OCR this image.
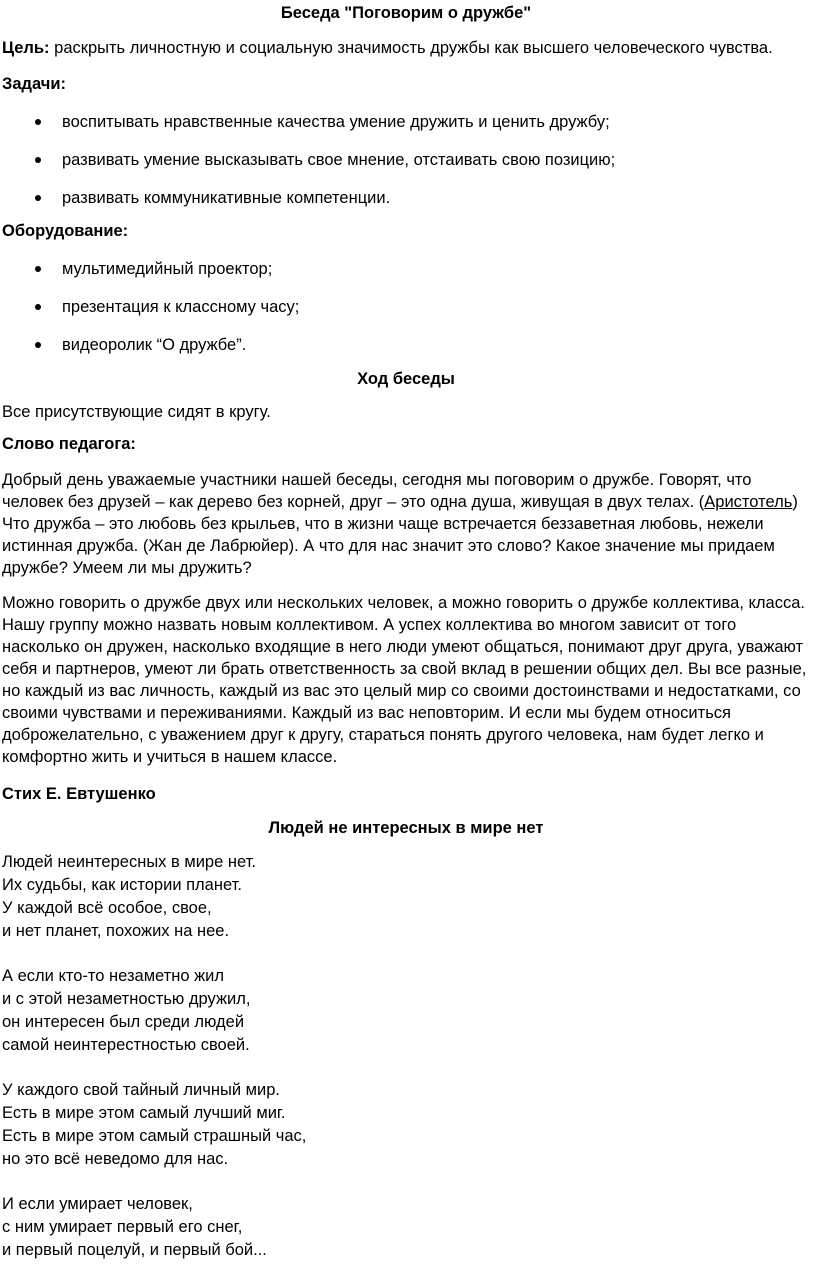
Беседа "Поговорим о дружбе"

Цель: раскрыть личностную и социальную значимость дружбы как высшего человеческого чувства.

Задачи:

воспитывать нравственные качества умение дружить и ценить дружбу;
развивать умение высказывать свое мнение, отстаивать свою позицию;
развивать коммуникативные компетенции.

Оборудование:

мультимедийный проектор;
презентация к классному часу;
видеоролик “О дружбе”.

Ход беседы

Все присутствующие сидят в кругу.

Слово педагога:

Добрый день уважаемые участники нашей беседы, сегодня мы поговорим о дружбе. Говорят, что человек без друзей – как дерево без корней, друг – это одна душа, живущая в двух телах. (Аристотель) Что дружба – это любовь без крыльев, что в жизни чаще встречается беззаветная любовь, нежели истинная дружба. (Жан де Лабрюйер). А что для нас значит это слово? Какое значение мы придаем дружбе? Умеем ли мы дружить?

Можно говорить о дружбе двух или нескольких человек, а можно говорить о дружбе коллектива, класса. Нашу группу можно назвать новым коллективом. А успех коллектива во многом зависит от того насколько он дружен, насколько входящие в него люди умеют общаться, понимают друг друга, уважают себя и партнеров, умеют ли брать ответственность за свой вклад в решении общих дел. Вы все разные, но каждый из вас личность, каждый из вас это целый мир со своими достоинствами и недостатками, со своими чувствами и переживаниями. Каждый из вас неповторим. И если мы будем относиться доброжелательно, с уважением друг к другу, стараться понять другого человека, нам будет легко и комфортно жить и учиться в нашем классе.

Стих Е. Евтушенко

Людей не интересных в мире нет

Людей неинтересных в мире нет.
Их судьбы, как истории планет.
У каждой всё особое, свое,
и нет планет, похожих на нее.
А если кто-то незаметно жил
и с этой незаметностью дружил,
он интересен был среди людей
самой неинтерестностью своей.
У каждого свой тайный личный мир.
Есть в мире этом самый лучший миг.
Есть в мире этом самый страшный час,
но это всё неведомо для нас.
И если умирает человек,
с ним умирает первый его снег,
и первый поцелуй, и первый бой...
